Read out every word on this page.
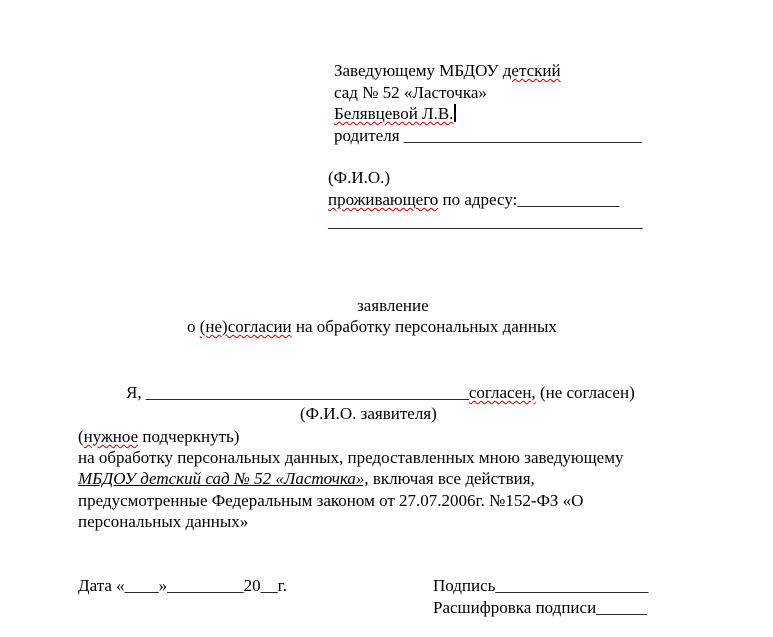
Заведующему МБДОУ детский
сад № 52 «Ласточка»
Белявцевой Л.В.
родителя ____________________________
(Ф.И.О.)
проживающего по адресу:____________
_____________________________________
заявление
о (не)согласии на обработку персональных данных
Я, ______________________________________согласен, (не согласен)
(Ф.И.О. заявителя)
(нужное подчеркнуть)
на обработку персональных данных, предоставленных мною заведующему
МБДОУ детский сад № 52 «Ласточка», включая все действия,
предусмотренные Федеральным законом от 27.07.2006г. №152-ФЗ «О
персональных данных»
Дата «____»_________20__г.	Подпись__________________
Расшифровка подписи______
